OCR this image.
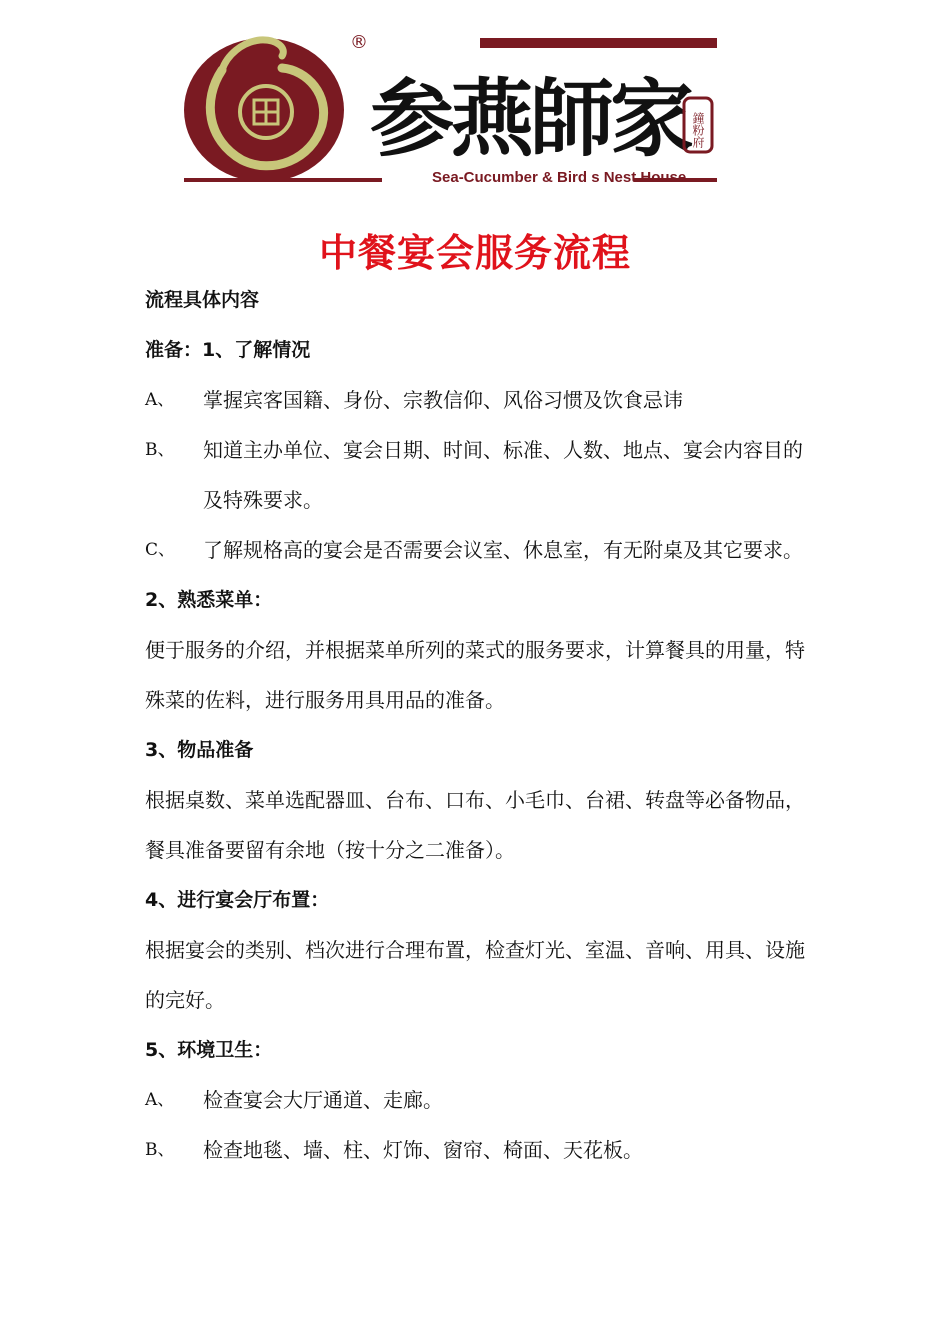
®
参燕師家 鐘粉府
Sea-Cucumber & Bird s Nest House
中餐宴会服务流程
流程具体内容
准备：1、了解情况
A、	掌握宾客国籍、身份、宗教信仰、风俗习惯及饮食忌讳
B、	知道主办单位、宴会日期、时间、标准、人数、地点、宴会内容目的及特殊要求。
C、	了解规格高的宴会是否需要会议室、休息室，有无附桌及其它要求。
2、熟悉菜单：
便于服务的介绍，并根据菜单所列的菜式的服务要求，计算餐具的用量，特殊菜的佐料，进行服务用具用品的准备。
3、物品准备
根据桌数、菜单选配器皿、台布、口布、小毛巾、台裙、转盘等必备物品，餐具准备要留有余地（按十分之二准备）。
4、进行宴会厅布置：
根据宴会的类别、档次进行合理布置，检查灯光、室温、音响、用具、设施的完好。
5、环境卫生：
A、	检查宴会大厅通道、走廊。
B、	检查地毯、墙、柱、灯饰、窗帘、椅面、天花板。
